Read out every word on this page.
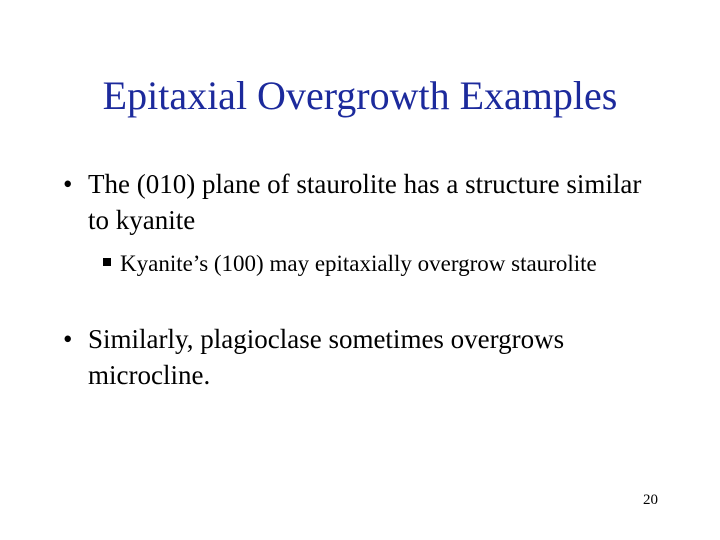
Epitaxial Overgrowth Examples
• The (010) plane of staurolite has a structure similar to kyanite
Kyanite’s (100) may epitaxially overgrow staurolite
• Similarly, plagioclase sometimes overgrows microcline.
20
